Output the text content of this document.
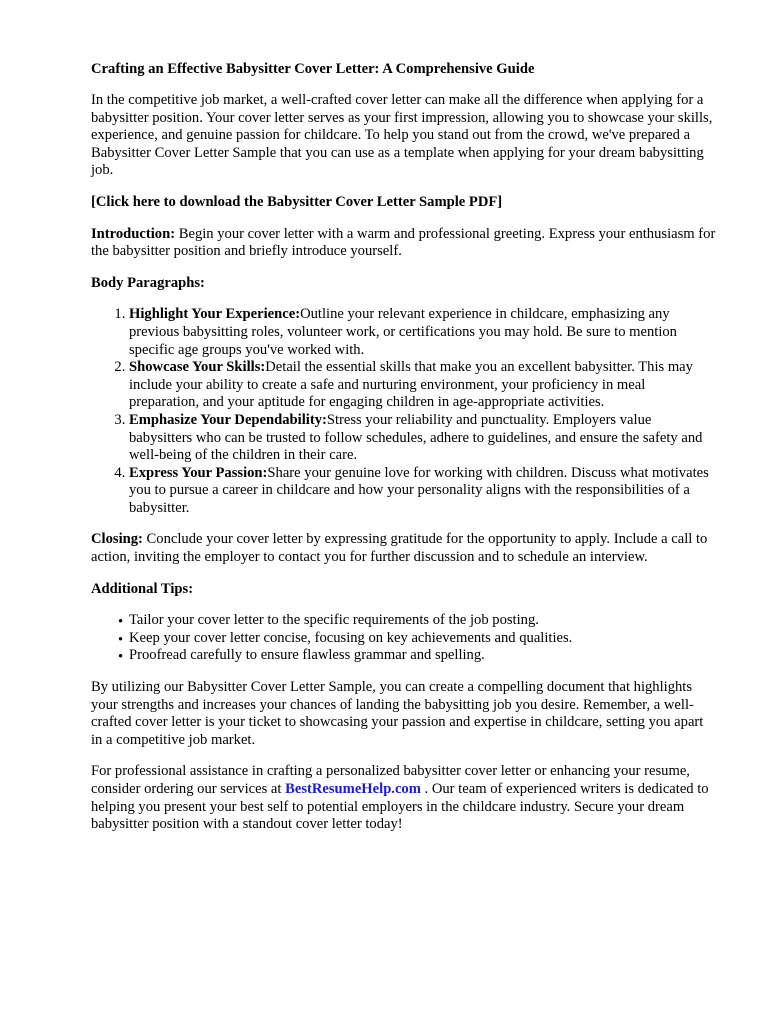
Crafting an Effective Babysitter Cover Letter: A Comprehensive Guide

In the competitive job market, a well-crafted cover letter can make all the difference when applying for a babysitter position. Your cover letter serves as your first impression, allowing you to showcase your skills, experience, and genuine passion for childcare. To help you stand out from the crowd, we've prepared a Babysitter Cover Letter Sample that you can use as a template when applying for your dream babysitting job.

[Click here to download the Babysitter Cover Letter Sample PDF]

Introduction: Begin your cover letter with a warm and professional greeting. Express your enthusiasm for the babysitter position and briefly introduce yourself.

Body Paragraphs:

1. Highlight Your Experience:Outline your relevant experience in childcare, emphasizing any previous babysitting roles, volunteer work, or certifications you may hold. Be sure to mention specific age groups you've worked with.
2. Showcase Your Skills:Detail the essential skills that make you an excellent babysitter. This may include your ability to create a safe and nurturing environment, your proficiency in meal preparation, and your aptitude for engaging children in age-appropriate activities.
3. Emphasize Your Dependability:Stress your reliability and punctuality. Employers value babysitters who can be trusted to follow schedules, adhere to guidelines, and ensure the safety and well-being of the children in their care.
4. Express Your Passion:Share your genuine love for working with children. Discuss what motivates you to pursue a career in childcare and how your personality aligns with the responsibilities of a babysitter.

Closing: Conclude your cover letter by expressing gratitude for the opportunity to apply. Include a call to action, inviting the employer to contact you for further discussion and to schedule an interview.

Additional Tips:

• Tailor your cover letter to the specific requirements of the job posting.
• Keep your cover letter concise, focusing on key achievements and qualities.
• Proofread carefully to ensure flawless grammar and spelling.

By utilizing our Babysitter Cover Letter Sample, you can create a compelling document that highlights your strengths and increases your chances of landing the babysitting job you desire. Remember, a well-crafted cover letter is your ticket to showcasing your passion and expertise in childcare, setting you apart in a competitive job market.

For professional assistance in crafting a personalized babysitter cover letter or enhancing your resume, consider ordering our services at BestResumeHelp.com . Our team of experienced writers is dedicated to helping you present your best self to potential employers in the childcare industry. Secure your dream babysitter position with a standout cover letter today!
